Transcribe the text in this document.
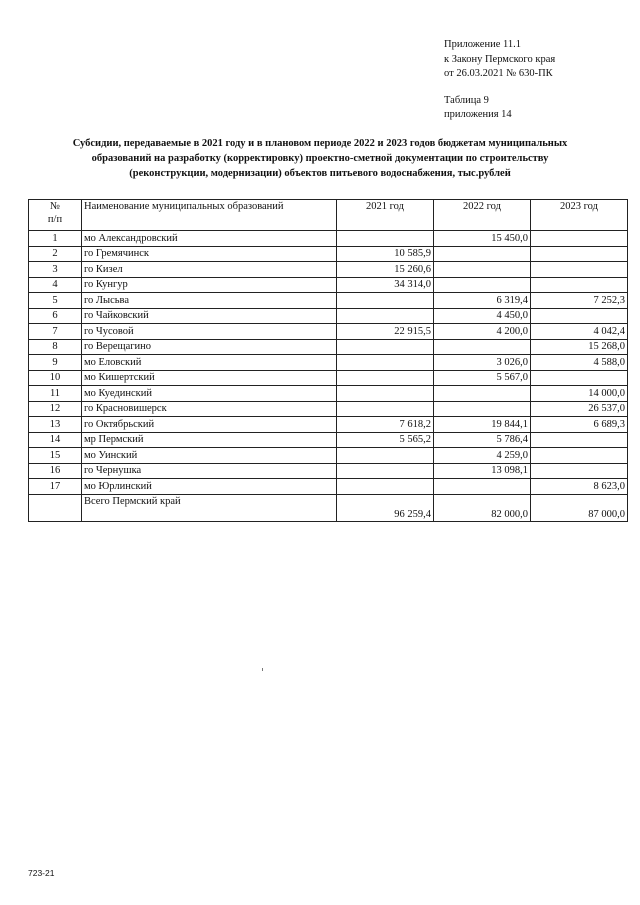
Приложение 11.1
к Закону Пермского края
от 26.03.2021 № 630-ПК
Таблица 9
приложения 14
Субсидии, передаваемые в 2021 году и в плановом периоде 2022 и 2023 годов бюджетам муниципальных
образований на разработку (корректировку) проектно-сметной документации по строительству
(реконструкции, модернизации) объектов питьевого водоснабжения, тыс.рублей
№
п/п	Наименование муниципальных образований	2021 год	2022 год	2023 год
1	мо Александровский		15 450,0	
2	го Гремячинск	10 585,9		
3	го Кизел	15 260,6		
4	го Кунгур	34 314,0		
5	го Лысьва		6 319,4	7 252,3
6	го Чайковский		4 450,0	
7	го Чусовой	22 915,5	4 200,0	4 042,4
8	го Верещагино			15 268,0
9	мо Еловский		3 026,0	4 588,0
10	мо Кишертский		5 567,0	
11	мо Куединский			14 000,0
12	го Красновишерск			26 537,0
13	го Октябрьский	7 618,2	19 844,1	6 689,3
14	мр Пермский	5 565,2	5 786,4	
15	мо Уинский		4 259,0	
16	го Чернушка		13 098,1	
17	мо Юрлинский			8 623,0
	Всего Пермский край	96 259,4	82 000,0	87 000,0
723-21
